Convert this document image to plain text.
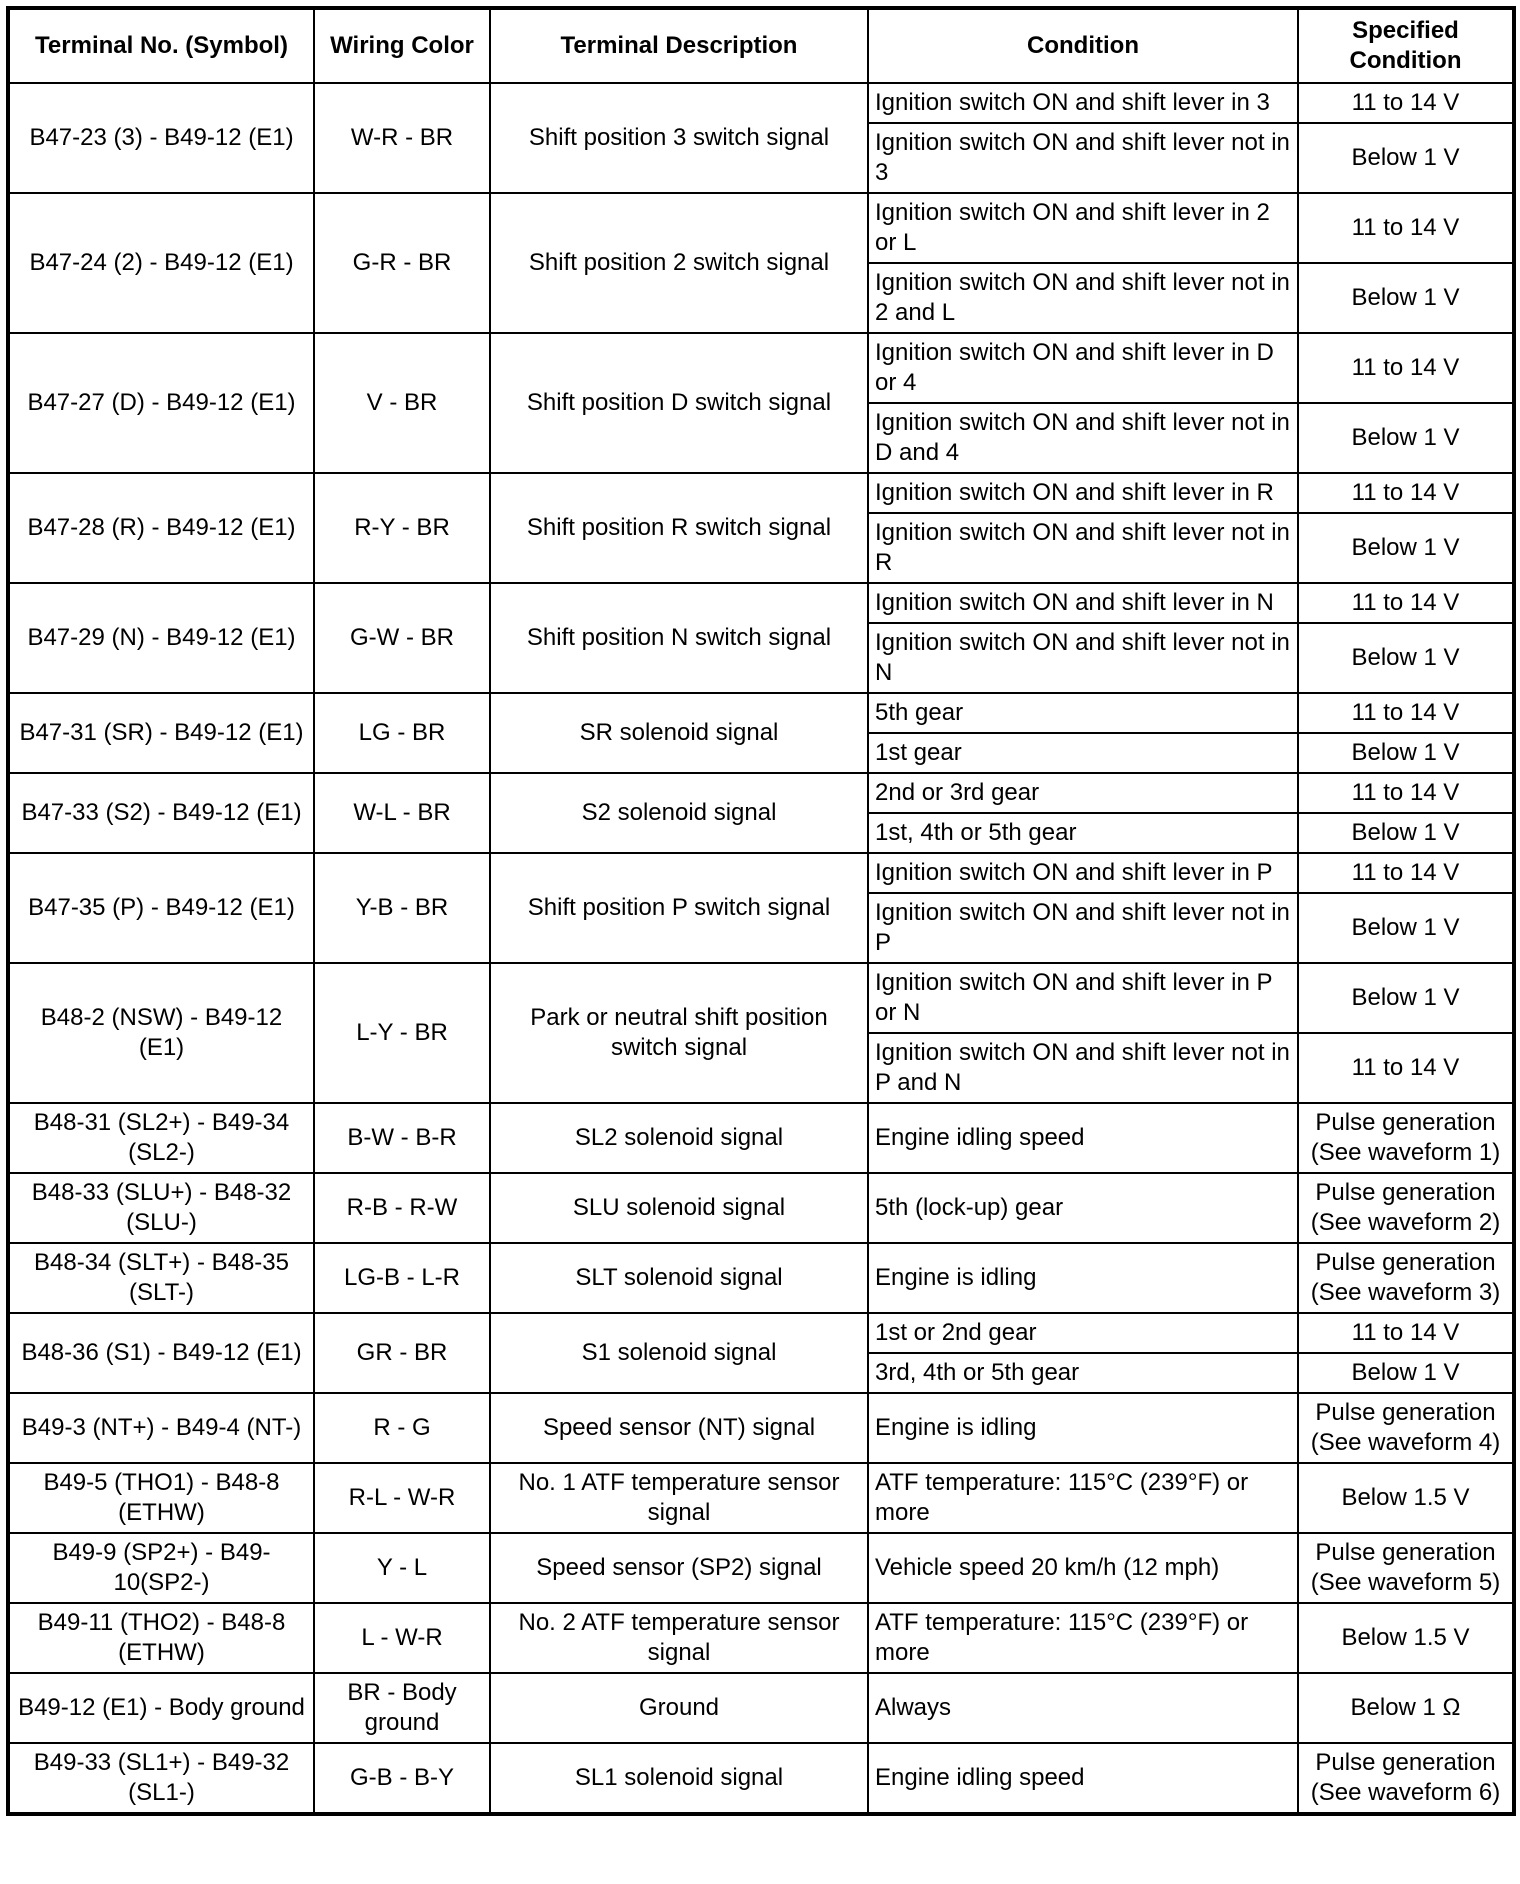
Terminal No. (Symbol)	Wiring Color	Terminal Description	Condition	Specified Condition
B47-23 (3) - B49-12 (E1)	W-R - BR	Shift position 3 switch signal	Ignition switch ON and shift lever in 3	11 to 14 V
			Ignition switch ON and shift lever not in 3	Below 1 V
B47-24 (2) - B49-12 (E1)	G-R - BR	Shift position 2 switch signal	Ignition switch ON and shift lever in 2 or L	11 to 14 V
			Ignition switch ON and shift lever not in 2 and L	Below 1 V
B47-27 (D) - B49-12 (E1)	V - BR	Shift position D switch signal	Ignition switch ON and shift lever in D or 4	11 to 14 V
			Ignition switch ON and shift lever not in D and 4	Below 1 V
B47-28 (R) - B49-12 (E1)	R-Y - BR	Shift position R switch signal	Ignition switch ON and shift lever in R	11 to 14 V
			Ignition switch ON and shift lever not in R	Below 1 V
B47-29 (N) - B49-12 (E1)	G-W - BR	Shift position N switch signal	Ignition switch ON and shift lever in N	11 to 14 V
			Ignition switch ON and shift lever not in N	Below 1 V
B47-31 (SR) - B49-12 (E1)	LG - BR	SR solenoid signal	5th gear	11 to 14 V
			1st gear	Below 1 V
B47-33 (S2) - B49-12 (E1)	W-L - BR	S2 solenoid signal	2nd or 3rd gear	11 to 14 V
			1st, 4th or 5th gear	Below 1 V
B47-35 (P) - B49-12 (E1)	Y-B - BR	Shift position P switch signal	Ignition switch ON and shift lever in P	11 to 14 V
			Ignition switch ON and shift lever not in P	Below 1 V
B48-2 (NSW) - B49-12 (E1)	L-Y - BR	Park or neutral shift position switch signal	Ignition switch ON and shift lever in P or N	Below 1 V
			Ignition switch ON and shift lever not in P and N	11 to 14 V
B48-31 (SL2+) - B49-34 (SL2-)	B-W - B-R	SL2 solenoid signal	Engine idling speed	Pulse generation (See waveform 1)
B48-33 (SLU+) - B48-32 (SLU-)	R-B - R-W	SLU solenoid signal	5th (lock-up) gear	Pulse generation (See waveform 2)
B48-34 (SLT+) - B48-35 (SLT-)	LG-B - L-R	SLT solenoid signal	Engine is idling	Pulse generation (See waveform 3)
B48-36 (S1) - B49-12 (E1)	GR - BR	S1 solenoid signal	1st or 2nd gear	11 to 14 V
			3rd, 4th or 5th gear	Below 1 V
B49-3 (NT+) - B49-4 (NT-)	R - G	Speed sensor (NT) signal	Engine is idling	Pulse generation (See waveform 4)
B49-5 (THO1) - B48-8 (ETHW)	R-L - W-R	No. 1 ATF temperature sensor signal	ATF temperature: 115°C (239°F) or more	Below 1.5 V
B49-9 (SP2+) - B49-10(SP2-)	Y - L	Speed sensor (SP2) signal	Vehicle speed 20 km/h (12 mph)	Pulse generation (See waveform 5)
B49-11 (THO2) - B48-8 (ETHW)	L - W-R	No. 2 ATF temperature sensor signal	ATF temperature: 115°C (239°F) or more	Below 1.5 V
B49-12 (E1) - Body ground	BR - Body ground	Ground	Always	Below 1 Ω
B49-33 (SL1+) - B49-32 (SL1-)	G-B - B-Y	SL1 solenoid signal	Engine idling speed	Pulse generation (See waveform 6)
